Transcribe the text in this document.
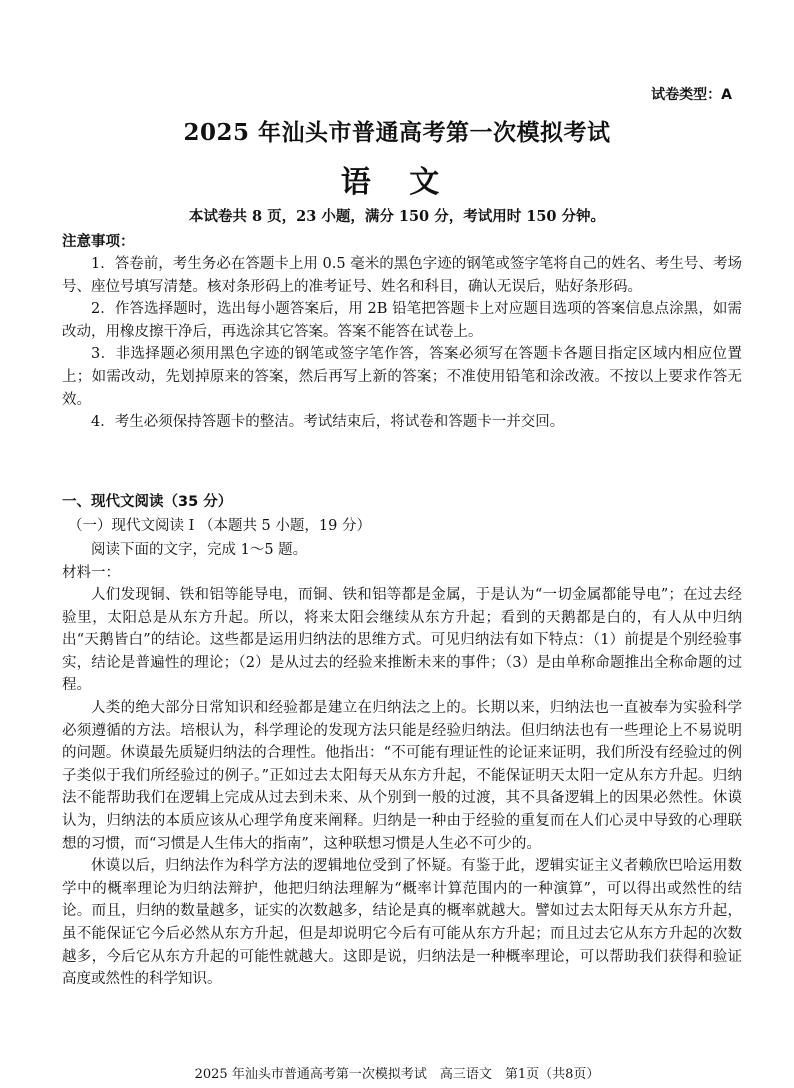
试卷类型：A
2025 年汕头市普通高考第一次模拟考试
语 文
本试卷共 8 页，23 小题，满分 150 分，考试用时 150 分钟。
注意事项：

1．答卷前，考生务必在答题卡上用 0.5 毫米的黑色字迹的钢笔或签字笔将自己的姓名、考生号、考场号、座位号填写清楚。核对条形码上的准考证号、姓名和科目，确认无误后，贴好条形码。

2．作答选择题时，选出每小题答案后，用 2B 铅笔把答题卡上对应题目选项的答案信息点涂黑，如需改动，用橡皮擦干净后，再选涂其它答案。答案不能答在试卷上。

3．非选择题必须用黑色字迹的钢笔或签字笔作答，答案必须写在答题卡各题目指定区域内相应位置上；如需改动，先划掉原来的答案，然后再写上新的答案；不准使用铅笔和涂改液。不按以上要求作答无效。

4．考生必须保持答题卡的整洁。考试结束后，将试卷和答题卡一并交回。

一、现代文阅读（35 分）
（一）现代文阅读 I （本题共 5 小题，19 分）
阅读下面的文字，完成 1～5 题。
材料一：

人们发现铜、铁和铝等能导电，而铜、铁和铝等都是金属，于是认为“一切金属都能导电”；在过去经验里，太阳总是从东方升起。所以，将来太阳会继续从东方升起；看到的天鹅都是白的，有人从中归纳出“天鹅皆白”的结论。这些都是运用归纳法的思维方式。可见归纳法有如下特点：（1）前提是个别经验事实，结论是普遍性的理论；（2）是从过去的经验来推断未来的事件；（3）是由单称命题推出全称命题的过程。

人类的绝大部分日常知识和经验都是建立在归纳法之上的。长期以来，归纳法也一直被奉为实验科学必须遵循的方法。培根认为，科学理论的发现方法只能是经验归纳法。但归纳法也有一些理论上不易说明的问题。休谟最先质疑归纳法的合理性。他指出：“不可能有理证性的论证来证明，我们所没有经验过的例子类似于我们所经验过的例子。”正如过去太阳每天从东方升起，不能保证明天太阳一定从东方升起。归纳法不能帮助我们在逻辑上完成从过去到未来、从个别到一般的过渡，其不具备逻辑上的因果必然性。休谟认为，归纳法的本质应该从心理学角度来阐释。归纳是一种由于经验的重复而在人们心灵中导致的心理联想的习惯，而“习惯是人生伟大的指南”，这种联想习惯是人生必不可少的。

休谟以后，归纳法作为科学方法的逻辑地位受到了怀疑。有鉴于此，逻辑实证主义者赖欣巴哈运用数学中的概率理论为归纳法辩护，他把归纳法理解为“概率计算范围内的一种演算”，可以得出或然性的结论。而且，归纳的数量越多，证实的次数越多，结论是真的概率就越大。譬如过去太阳每天从东方升起，虽不能保证它今后必然从东方升起，但是却说明它今后有可能从东方升起；而且过去它从东方升起的次数越多，今后它从东方升起的可能性就越大。这即是说，归纳法是一种概率理论，可以帮助我们获得和验证高度或然性的科学知识。

2025 年汕头市普通高考第一次模拟考试　高三语文　第1页（共8页）
